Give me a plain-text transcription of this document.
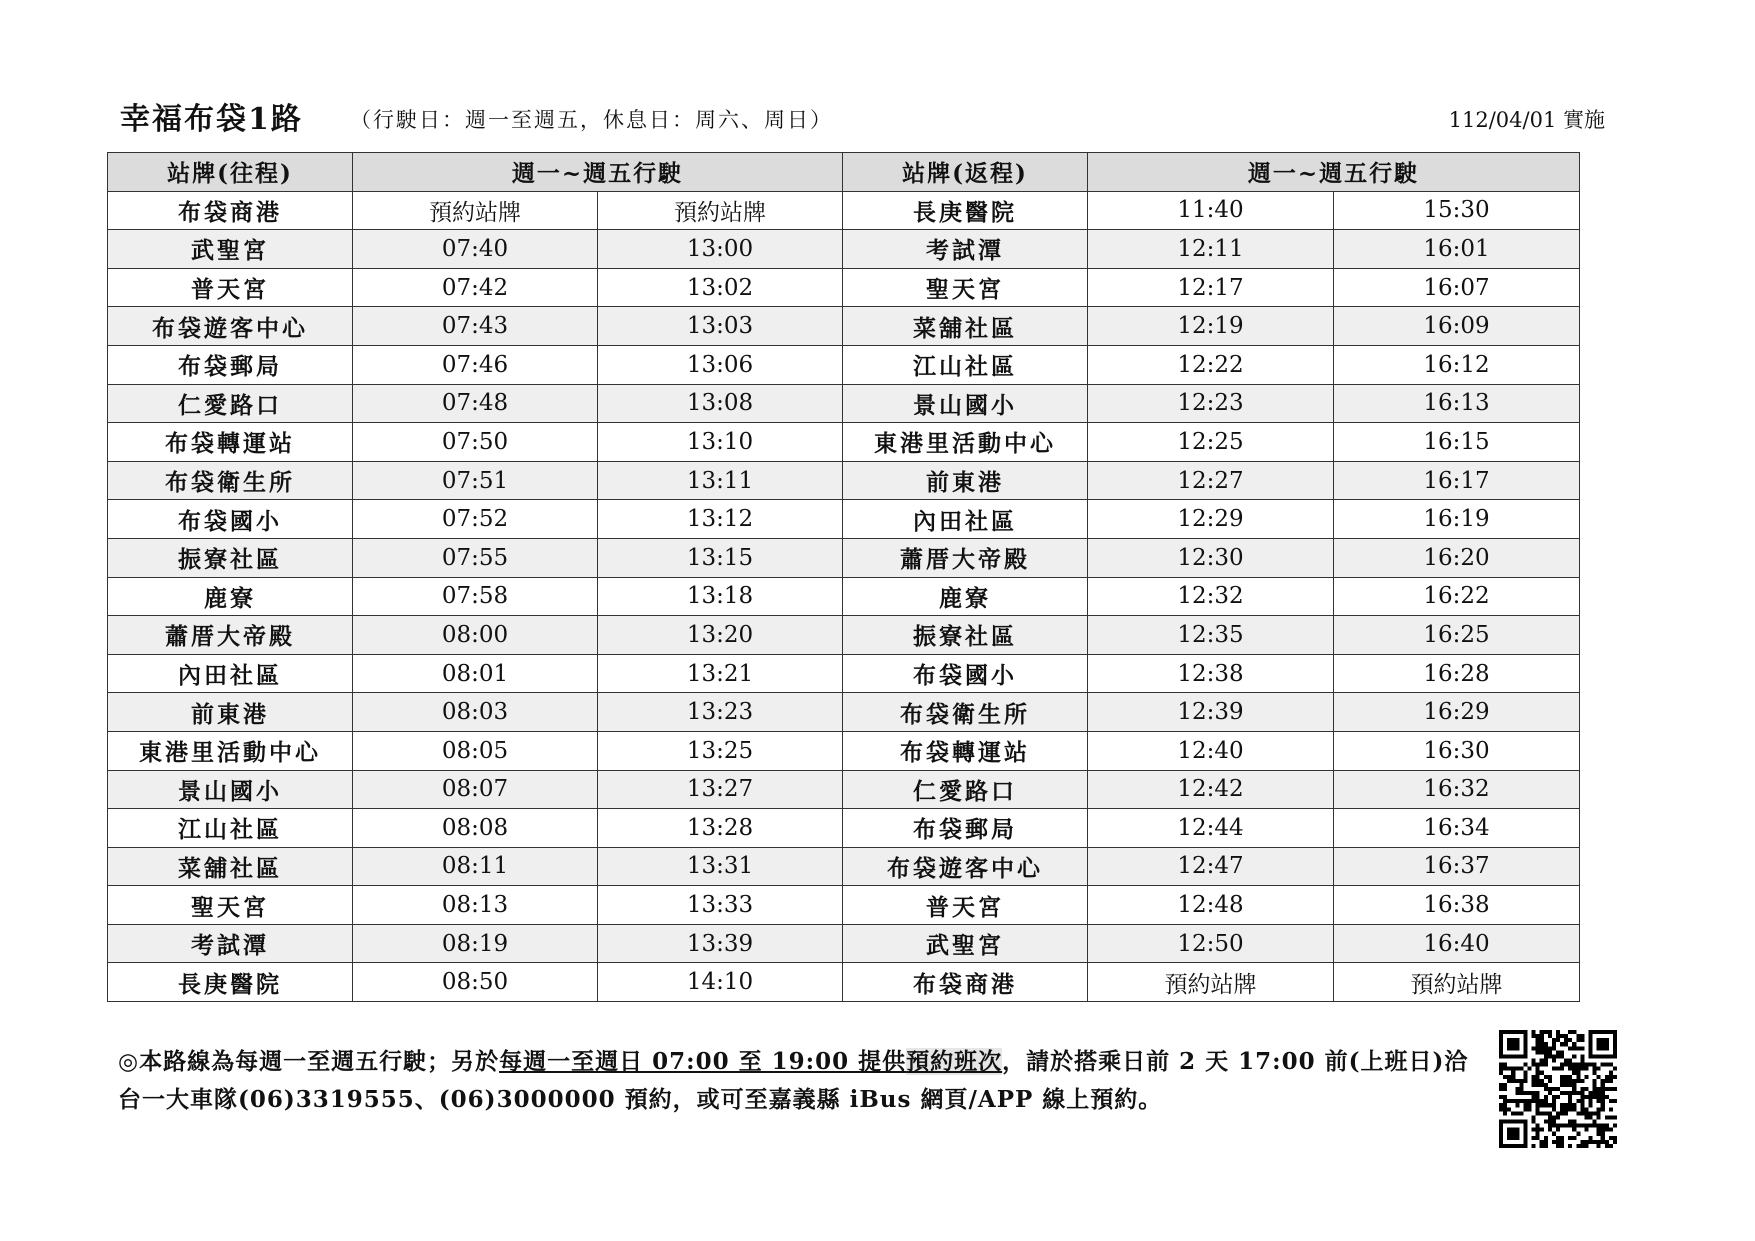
幸福布袋1路 （行駛日：週一至週五，休息日：周六、周日）	112/04/01 實施
站牌(往程)	週一~週五行駛		站牌(返程)	週一~週五行駛	
布袋商港	預約站牌	預約站牌	長庚醫院	11:40	15:30
武聖宮	07:40	13:00	考試潭	12:11	16:01
普天宮	07:42	13:02	聖天宮	12:17	16:07
布袋遊客中心	07:43	13:03	菜舖社區	12:19	16:09
布袋郵局	07:46	13:06	江山社區	12:22	16:12
仁愛路口	07:48	13:08	景山國小	12:23	16:13
布袋轉運站	07:50	13:10	東港里活動中心	12:25	16:15
布袋衛生所	07:51	13:11	前東港	12:27	16:17
布袋國小	07:52	13:12	內田社區	12:29	16:19
振寮社區	07:55	13:15	蕭厝大帝殿	12:30	16:20
鹿寮	07:58	13:18	鹿寮	12:32	16:22
蕭厝大帝殿	08:00	13:20	振寮社區	12:35	16:25
內田社區	08:01	13:21	布袋國小	12:38	16:28
前東港	08:03	13:23	布袋衛生所	12:39	16:29
東港里活動中心	08:05	13:25	布袋轉運站	12:40	16:30
景山國小	08:07	13:27	仁愛路口	12:42	16:32
江山社區	08:08	13:28	布袋郵局	12:44	16:34
菜舖社區	08:11	13:31	布袋遊客中心	12:47	16:37
聖天宮	08:13	13:33	普天宮	12:48	16:38
考試潭	08:19	13:39	武聖宮	12:50	16:40
長庚醫院	08:50	14:10	布袋商港	預約站牌	預約站牌
◎本路線為每週一至週五行駛；另於每週一至週日 07:00 至 19:00 提供預約班次，請於搭乘日前 2 天 17:00 前(上班日)洽台一大車隊(06)3319555、(06)3000000 預約，或可至嘉義縣 iBus 網頁/APP 線上預約。
